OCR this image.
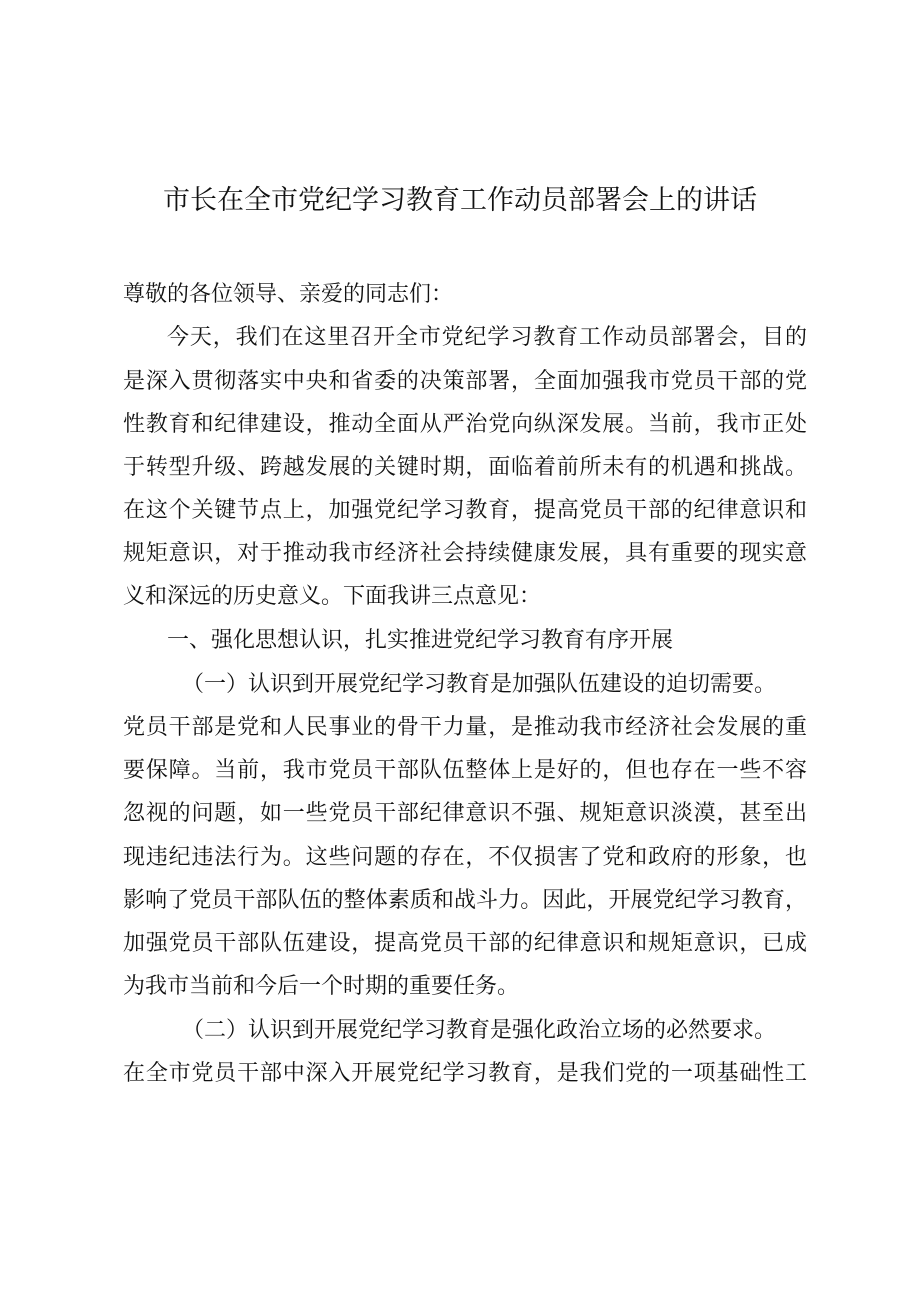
市长在全市党纪学习教育工作动员部署会上的讲话
尊敬的各位领导、亲爱的同志们：
今天，我们在这里召开全市党纪学习教育工作动员部署会，目的
是深入贯彻落实中央和省委的决策部署，全面加强我市党员干部的党
性教育和纪律建设，推动全面从严治党向纵深发展。当前，我市正处
于转型升级、跨越发展的关键时期，面临着前所未有的机遇和挑战。
在这个关键节点上，加强党纪学习教育，提高党员干部的纪律意识和
规矩意识，对于推动我市经济社会持续健康发展，具有重要的现实意
义和深远的历史意义。下面我讲三点意见：
一、强化思想认识，扎实推进党纪学习教育有序开展
（一）认识到开展党纪学习教育是加强队伍建设的迫切需要。
党员干部是党和人民事业的骨干力量，是推动我市经济社会发展的重
要保障。当前，我市党员干部队伍整体上是好的，但也存在一些不容
忽视的问题，如一些党员干部纪律意识不强、规矩意识淡漠，甚至出
现违纪违法行为。这些问题的存在，不仅损害了党和政府的形象，也
影响了党员干部队伍的整体素质和战斗力。因此，开展党纪学习教育，
加强党员干部队伍建设，提高党员干部的纪律意识和规矩意识，已成
为我市当前和今后一个时期的重要任务。
（二）认识到开展党纪学习教育是强化政治立场的必然要求。
在全市党员干部中深入开展党纪学习教育，是我们党的一项基础性工
